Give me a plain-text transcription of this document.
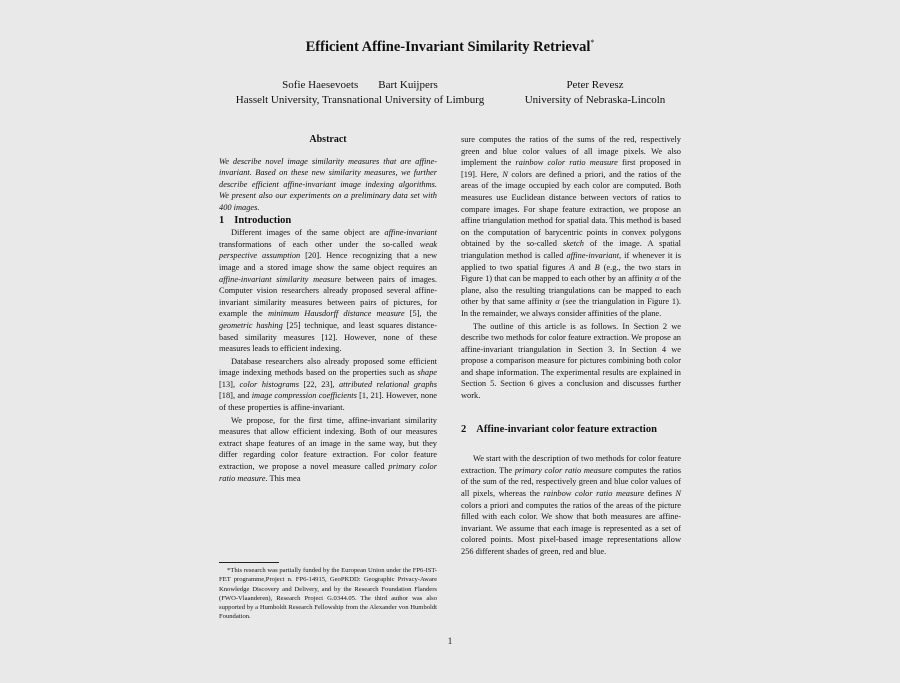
Efficient Affine-Invariant Similarity Retrieval*
Sofie Haesevoets Bart Kuijpers
Hasselt University, Transnational University of Limburg
Peter Revesz
University of Nebraska-Lincoln
Abstract

We describe novel image similarity measures that are affine-invariant. Based on these new similarity measures, we further describe efficient affine-invariant image indexing algorithms. We present also our experiments on a preliminary data set with 400 images.

1 Introduction

Different images of the same object are affine-invariant transformations of each other under the so-called weak perspective assumption [20]. Hence recognizing that a new image and a stored image show the same object requires an affine-invariant similarity measure between pairs of images. Computer vision researchers already proposed several affine-invariant similarity measures between pairs of pictures, for example the minimum Hausdorff distance measure [5], the geometric hashing [25] technique, and least squares distance-based similarity measures [12]. However, none of these measures leads to efficient indexing.

Database researchers also already proposed some efficient image indexing methods based on the properties such as shape [13], color histograms [22, 23], attributed relational graphs [18], and image compression coefficients [1, 21]. However, none of these properties is affine-invariant.

We propose, for the first time, affine-invariant similarity measures that allow efficient indexing. Both of our measures extract shape features of an image in the same way, but they differ regarding color feature extraction. For color feature extraction, we propose a novel measure called primary color ratio measure. This mea

sure computes the ratios of the sums of the red, respectively green and blue color values of all image pixels. We also implement the rainbow color ratio measure first proposed in [19]. Here, N colors are defined a priori, and the ratios of the areas of the image occupied by each color are computed. Both measures use Euclidean distance between vectors of ratios to compare images. For shape feature extraction, we propose an affine triangulation method for spatial data. This method is based on the computation of barycentric points in convex polygons obtained by the so-called sketch of the image. A spatial triangulation method is called affine-invariant, if whenever it is applied to two spatial figures A and B (e.g., the two stars in Figure 1) that can be mapped to each other by an affinity α of the plane, also the resulting triangulations can be mapped to each other by that same affinity α (see the triangulation in Figure 1). In the remainder, we always consider affinities of the plane.

The outline of this article is as follows. In Section 2 we describe two methods for color feature extraction. We propose an affine-invariant triangulation in Section 3. In Section 4 we propose a comparison measure for pictures combining both color and shape information. The experimental results are explained in Section 5. Section 6 gives a conclusion and discusses further work.

2 Affine-invariant color feature extraction

We start with the description of two methods for color feature extraction. The primary color ratio measure computes the ratios of the sum of the red, respectively green and blue color values of all pixels, whereas the rainbow color ratio measure defines N colors a priori and computes the ratios of the areas of the picture filled with each color. We show that both measures are affine-invariant. We assume that each image is represented as a set of colored points. Most pixel-based image representations allow 256 different shades of green, red and blue.

*This research was partially funded by the European Union under the FP6-IST-FET programme,Project n. FP6-14915, GeoPKDD: Geographic Privacy-Aware Knowledge Discovery and Delivery, and by the Research Foundation Flanders (FWO-Vlaanderen), Research Project G.0344.05. The third author was also supported by a Humboldt Research Fellowship from the Alexander von Humboldt Foundation.

1
